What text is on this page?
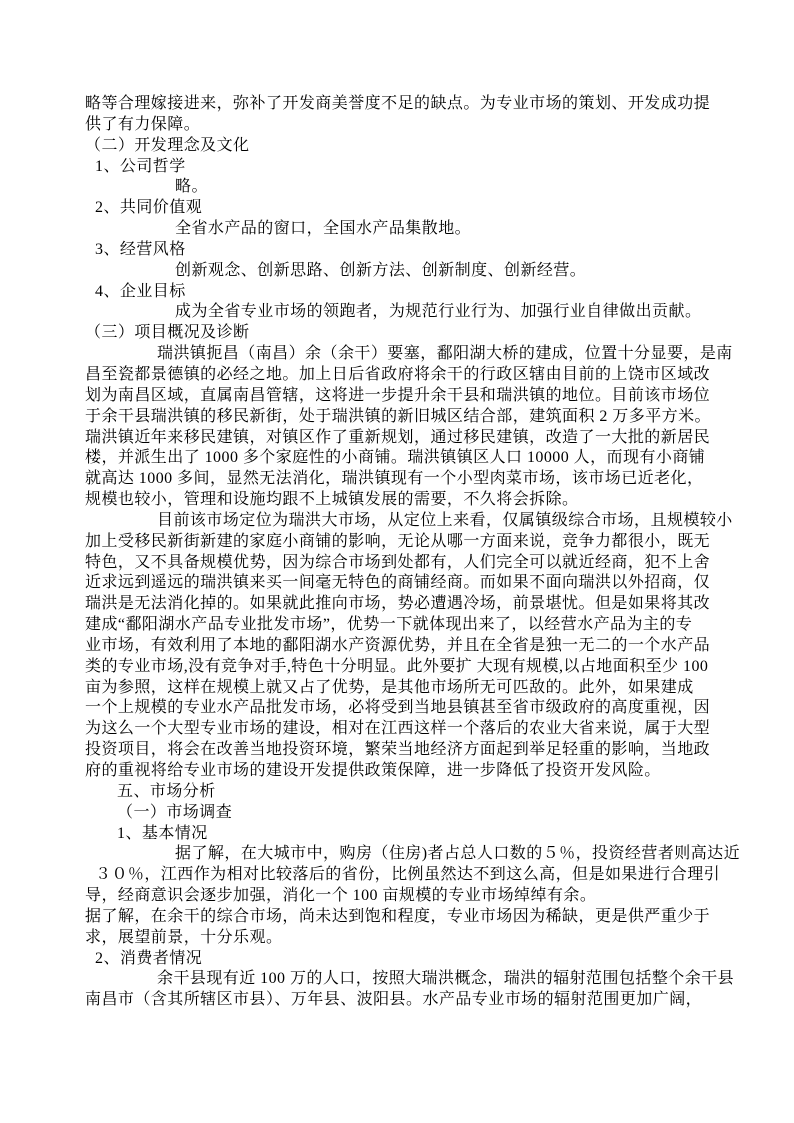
略等合理嫁接进来，弥补了开发商美誉度不足的缺点。为专业市场的策划、开发成功提
供了有力保障。
（二）开发理念及文化
1、公司哲学
略。
2、共同价值观
全省水产品的窗口，全国水产品集散地。
3、经营风格
创新观念、创新思路、创新方法、创新制度、创新经营。
4、企业目标
成为全省专业市场的领跑者，为规范行业行为、加强行业自律做出贡献。
（三）项目概况及诊断
瑞洪镇扼昌（南昌）余（余干）要塞，鄱阳湖大桥的建成，位置十分显要，是南
昌至瓷都景德镇的必经之地。加上日后省政府将余干的行政区辖由目前的上饶市区域改
划为南昌区域，直属南昌管辖，这将进一步提升余干县和瑞洪镇的地位。目前该市场位
于余干县瑞洪镇的移民新街，处于瑞洪镇的新旧城区结合部，建筑面积 2 万多平方米。
瑞洪镇近年来移民建镇，对镇区作了重新规划，通过移民建镇，改造了一大批的新居民
楼，并派生出了 1000 多个家庭性的小商铺。瑞洪镇镇区人口 10000 人，而现有小商铺
就高达 1000 多间，显然无法消化，瑞洪镇现有一个小型肉菜市场，该市场已近老化，
规模也较小，管理和设施均跟不上城镇发展的需要，不久将会拆除。
目前该市场定位为瑞洪大市场，从定位上来看，仅属镇级综合市场，且规模较小
加上受移民新街新建的家庭小商铺的影响，无论从哪一方面来说，竞争力都很小，既无
特色，又不具备规模优势，因为综合市场到处都有，人们完全可以就近经商，犯不上舍
近求远到遥远的瑞洪镇来买一间毫无特色的商铺经商。而如果不面向瑞洪以外招商，仅
瑞洪是无法消化掉的。如果就此推向市场，势必遭遇冷场，前景堪忧。但是如果将其改
建成“鄱阳湖水产品专业批发市场”，优势一下就体现出来了，以经营水产品为主的专
业市场，有效利用了本地的鄱阳湖水产资源优势，并且在全省是独一无二的一个水产品
类的专业市场,没有竞争对手,特色十分明显。此外要扩 大现有规模,以占地面积至少 100
亩为参照，这样在规模上就又占了优势，是其他市场所无可匹敌的。此外，如果建成
一个上规模的专业水产品批发市场，必将受到当地县镇甚至省市级政府的高度重视，因
为这么一个大型专业市场的建设，相对在江西这样一个落后的农业大省来说，属于大型
投资项目，将会在改善当地投资环境，繁荣当地经济方面起到举足轻重的影响，当地政
府的重视将给专业市场的建设开发提供政策保障，进一步降低了投资开发风险。
五、市场分析
（一）市场调查
1、基本情况
据了解，在大城市中，购房（住房)者占总人口数的５％，投资经营者则高达近
３０％，江西作为相对比较落后的省份，比例虽然达不到这么高，但是如果进行合理引
导，经商意识会逐步加强，消化一个 100 亩规模的专业市场绰绰有余。
据了解，在余干的综合市场，尚未达到饱和程度，专业市场因为稀缺，更是供严重少于
求，展望前景，十分乐观。
2、消费者情况
余干县现有近 100 万的人口，按照大瑞洪概念，瑞洪的辐射范围包括整个余干县
南昌市（含其所辖区市县）、万年县、波阳县。水产品专业市场的辐射范围更加广阔，
